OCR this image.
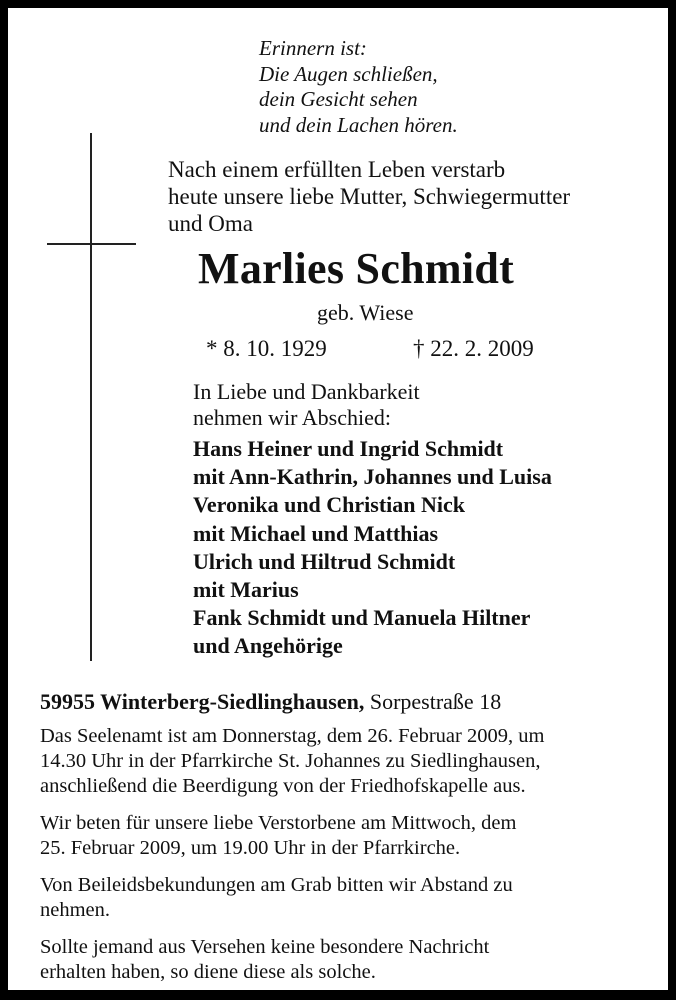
Erinnern ist:
Die Augen schließen,
dein Gesicht sehen
und dein Lachen hören.
Nach einem erfüllten Leben verstarb
heute unsere liebe Mutter, Schwiegermutter
und Oma
Marlies Schmidt
geb. Wiese
* 8. 10. 1929	† 22. 2. 2009
In Liebe und Dankbarkeit
nehmen wir Abschied:
Hans Heiner und Ingrid Schmidt
mit Ann-Kathrin, Johannes und Luisa
Veronika und Christian Nick
mit Michael und Matthias
Ulrich und Hiltrud Schmidt
mit Marius
Fank Schmidt und Manuela Hiltner
und Angehörige
59955 Winterberg-Siedlinghausen, Sorpestraße 18
Das Seelenamt ist am Donnerstag, dem 26. Februar 2009, um
14.30 Uhr in der Pfarrkirche St. Johannes zu Siedlinghausen,
anschließend die Beerdigung von der Friedhofskapelle aus.
Wir beten für unsere liebe Verstorbene am Mittwoch, dem
25. Februar 2009, um 19.00 Uhr in der Pfarrkirche.
Von Beileidsbekundungen am Grab bitten wir Abstand zu
nehmen.
Sollte jemand aus Versehen keine besondere Nachricht
erhalten haben, so diene diese als solche.
